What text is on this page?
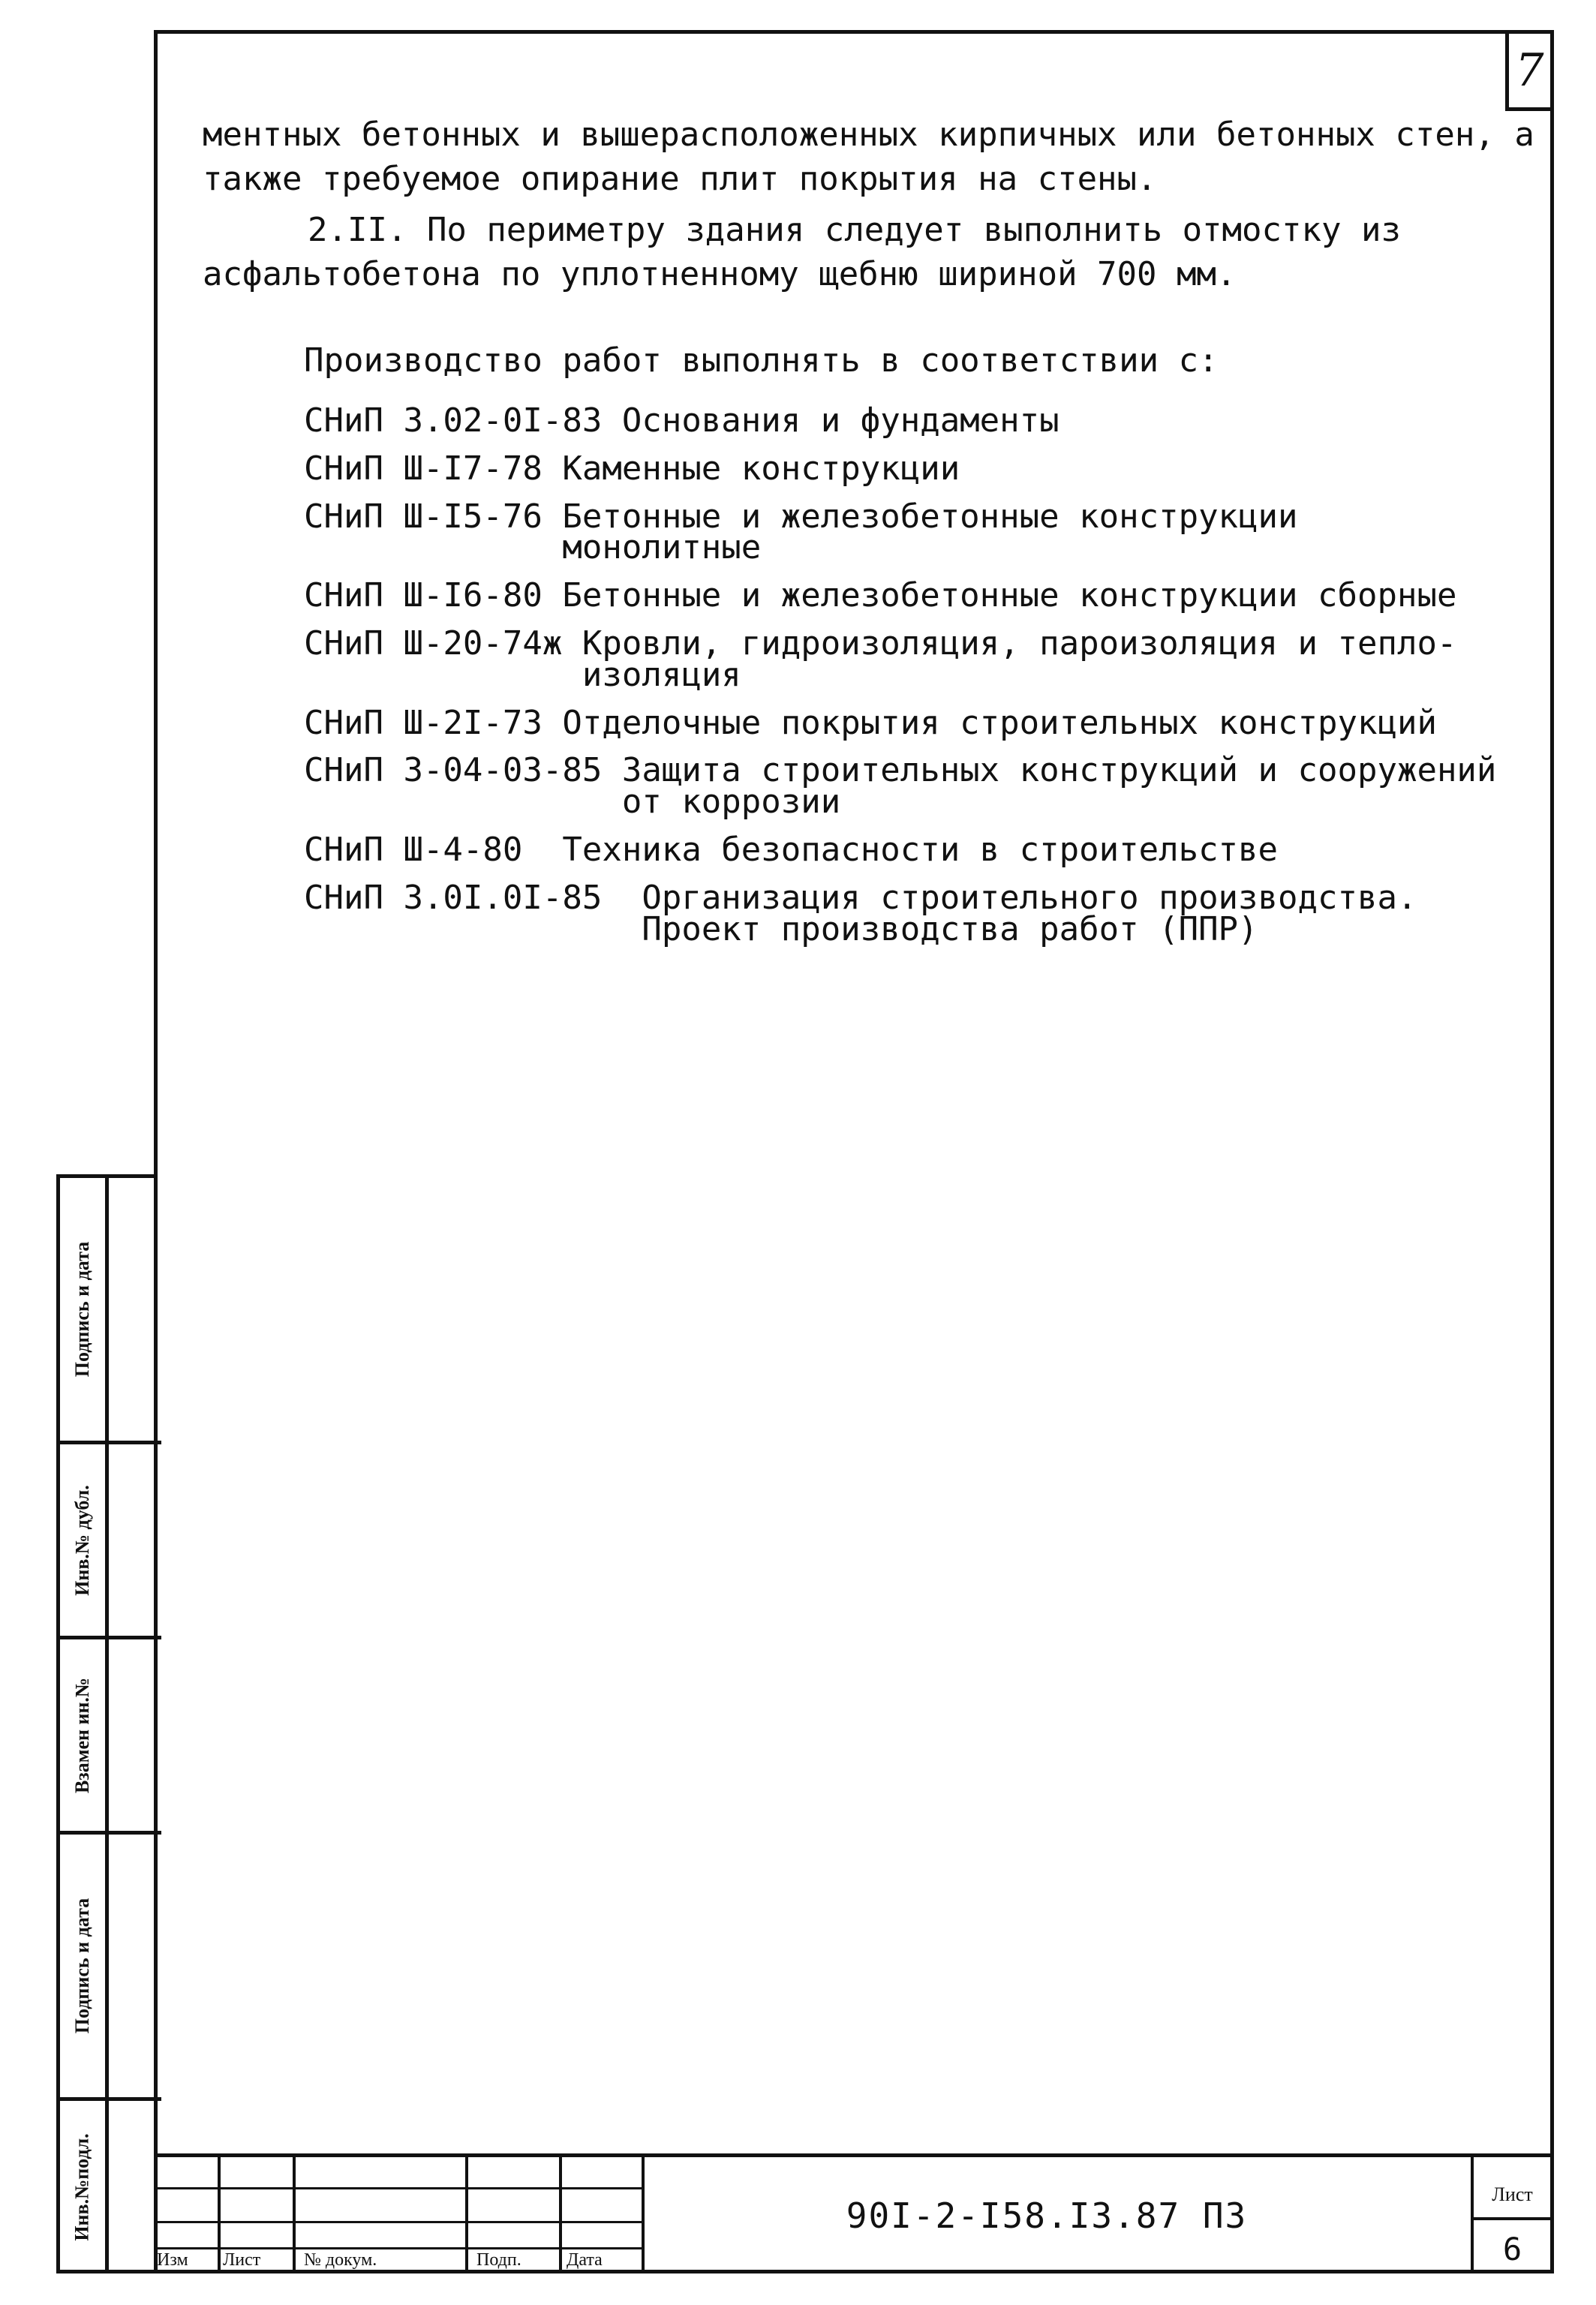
7

ментных бетонных и вышерасположенных кирпичных или бетонных стен, а также требуемое опирание плит покрытия на стены.

2.II. По периметру здания следует выполнить отмостку из асфальтобетона по уплотненному щебню шириной 700 мм.

Производство работ выполнять в соответствии с:
СНиП 3.02-0I-83 Основания и фундаменты
СНиП Ш-I7-78 Каменные конструкции
СНиП Ш-I5-76 Бетонные и железобетонные конструкции
монолитные
СНиП Ш-I6-80 Бетонные и железобетонные конструкции сборные
СНиП Ш-20-74ж Кровли, гидроизоляция, пароизоляция и тепло-
изоляция
СНиП Ш-2I-73 Отделочные покрытия строительных конструкций
СНиП 3-04-03-85 Защита строительных конструкций и сооружений
от коррозии
СНиП Ш-4-80 Техника безопасности в строительстве
СНиП 3.0I.0I-85 Организация строительного производства.
Проект производства работ (ППР)
Подпись и дата
Инв.№ дубл.
Взамен ин.№
Подпись и дата
Инв.№подл.
Изм Лист № докум.	Подп.	Дата
90I-2-I58.I3.87 ПЗ
Лист
6
